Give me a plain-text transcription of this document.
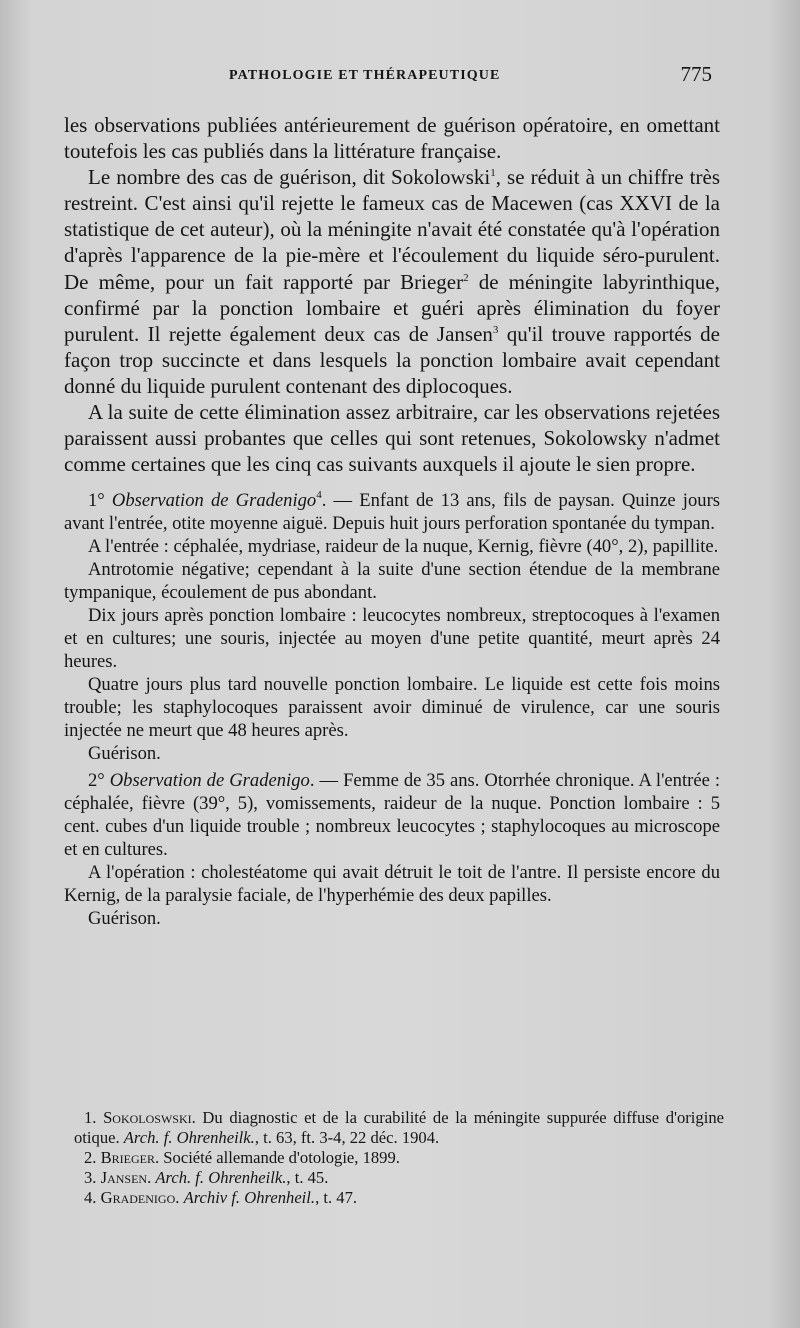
PATHOLOGIE ET THÉRAPEUTIQUE	775

les observations publiées antérieurement de guérison opératoire, en omettant toutefois les cas publiés dans la littérature française.

Le nombre des cas de guérison, dit Sokolowski$^1$, se réduit à un chiffre très restreint. C'est ainsi qu'il rejette le fameux cas de Macewen (cas XXVI de la statistique de cet auteur), où la méningite n'avait été constatée qu'à l'opération d'après l'apparence de la pie-mère et l'écoulement du liquide séro-purulent. De même, pour un fait rapporté par Brieger$^2$ de méningite labyrinthique, confirmé par la ponction lombaire et guéri après élimination du foyer purulent. Il rejette également deux cas de Jansen$^3$ qu'il trouve rapportés de façon trop succincte et dans lesquels la ponction lombaire avait cependant donné du liquide purulent contenant des diplocoques.

A la suite de cette élimination assez arbitraire, car les observations rejetées paraissent aussi probantes que celles qui sont retenues, Sokolowsky n'admet comme certaines que les cinq cas suivants auxquels il ajoute le sien propre.

1° Observation de Gradenigo$^4$. — Enfant de 13 ans, fils de paysan. Quinze jours avant l'entrée, otite moyenne aiguë. Depuis huit jours perforation spontanée du tympan.

A l'entrée : céphalée, mydriase, raideur de la nuque, Kernig, fièvre (40°, 2), papillite.

Antrotomie négative; cependant à la suite d'une section étendue de la membrane tympanique, écoulement de pus abondant.

Dix jours après ponction lombaire : leucocytes nombreux, streptocoques à l'examen et en cultures; une souris, injectée au moyen d'une petite quantité, meurt après 24 heures.

Quatre jours plus tard nouvelle ponction lombaire. Le liquide est cette fois moins trouble; les staphylocoques paraissent avoir diminué de virulence, car une souris injectée ne meurt que 48 heures après.

Guérison.

2° Observation de Gradenigo. — Femme de 35 ans. Otorrhée chronique. A l'entrée : céphalée, fièvre (39°, 5), vomissements, raideur de la nuque. Ponction lombaire : 5 cent. cubes d'un liquide trouble ; nombreux leucocytes ; staphylocoques au microscope et en cultures.

A l'opération : cholestéatome qui avait détruit le toit de l'antre. Il persiste encore du Kernig, de la paralysie faciale, de l'hyperhémie des deux papilles.

Guérison.

1. Sokoloswski. Du diagnostic et de la curabilité de la méningite suppurée diffuse d'origine otique. Arch. f. Ohrenheilk., t. 63, ft. 3-4, 22 déc. 1904.

2. Brieger. Société allemande d'otologie, 1899.

3. Jansen. Arch. f. Ohrenheilk., t. 45.

4. Gradenigo. Archiv f. Ohrenheil., t. 47.
